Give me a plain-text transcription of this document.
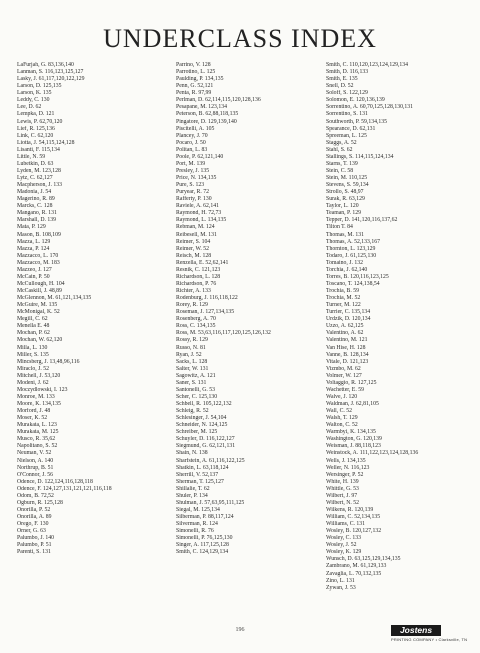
UNDERCLASS INDEX
LaFurjah, G. 83,136,140
Lanman, S. 116,123,125,127
Lasky, J. 61,117,120,122,129
Larson, D. 125,135
Larson, K. 135
Leddy, C. 130
Lee, D. 62
Lempka, D. 121
Lewis, P. 62,70,120
Lief, R. 125,136
Link, C. 62,120
Liotta, J. 54,115,124,128
Lisanti, F. 115,134
Little, N. 59
Lubetkin, D. 63
Lyden, M. 123,128
Lytz, C. 62,127
Macpherson, J. 133
Madonia, J. 54
Magerino, R. 89
Marcks, C. 128
Mangano, R. 131
Marshall, D. 139
Mata, P. 129
Mason, B. 108,109
Mazza, L. 129
Mazza, P. 124
Mazzacco, L. 170
Mazzacco, M. 183
Mazzeo, J. 127
McCain, P. 50
McCullough, H. 104
McCaskill, J. 48,89
McGlennon, M. 61,121,134,135
McGuire, M. 135
McMonigal, K. 52
Megill, C. 62
Menella E. 48
Mochan, P. 62
Mochan, W. 62,120
Milla, L. 130
Miller, S. 135
Mincsberg, J. 13,48,96,116
Miraclo, J. 52
Mitchell, J. 53,120
Modeni, J. 62
Moczydlowski, I. 123
Monroe, M. 133
Moore, K. 134,135
Morford, J. 48
Moser, K. 52
Murakata, L. 123
Murakata, M. 125
Musco, R. 35,62
Napolitano, S. 52
Neuman, V. 52
Nielson, A. 140
Northrup, B. 51
O'Connor, J. 56
Odence, D. 122,124,116,128,118
Odence, F. 124,127,131,121,121,116,118
Odom, B. 72,52
Ogburn, R. 125,128
Onorilla, P. 52
Onorilla, A. 89
Orego, F. 130
Orner, G. 63
Palumbo, J. 140
Palumbo, P. 51
Parenti, S. 131
Parrino, V. 128
Parrotino, L. 125
Paulding, P. 134,135
Penn, G. 52,121
Penta, R. 97,99
Perlman, D. 62,114,115,120,128,136
Pesapane, M. 123,134
Peterson, B. 62,88,118,135
Pingatore, D. 129,139,140
Piscitelli, A. 105
Plancey, J. 70
Pocaro, J. 50
Politan, L. 83
Poole, P. 62,121,140
Port, M. 139
Presley, J. 135
Price, N. 134,135
Pure, S. 123
Puryear, R. 72
Rafferty, P. 130
Raviele, A. 62,141
Raymond, H. 72,73
Raymond, L. 134,135
Rebman, M. 124
Reibesell, M. 131
Reimer, S. 104
Reimer, W. 52
Reisch, M. 128
Renzella, E. 52,62,141
Resnik, C. 121,123
Richardson, L. 128
Richardson, P. 76
Richter, A. 133
Rodenburg, J. 116,118,122
Rorey, R. 129
Roseman, J. 127,134,135
Rosenberg, A. 70
Ross, C. 134,135
Ross, M. 53,63,116,117,120,125,126,132
Rossy, R. 129
Russo, N. 81
Ryan, J. 52
Sacks, L. 128
Salter, W. 131
Sagowitz, A. 121
Saner, S. 131
Santonelli, G. 53
Scher, C. 125,130
Schbell, R. 105,122,132
Schleig, R. 52
Schlesinger, J. 54,104
Schneider, N. 124,125
Schreiber, M. 125
Schuyler, D. 116,122,127
Siegmund, G. 62,121,131
Shain, N. 138
Sharfstein, A. 61,116,122,125
Shatkin, L. 63,118,124
Sherrill, V. 52,137
Sherman, T. 125,127
Shillalie, T. 62
Shuler, P. 134
Shulman, J. 57,63,95,111,125
Siegal, M. 125,134
Silberman, P. 88,117,124
Silverman, R. 124
Simonelli, R. 76
Simonelli, P. 76,125,130
Singer, A. 117,125,128
Smith, C. 124,129,134
Smith, C. 110,120,123,124,129,134
Smith, D. 116,133
Smith, E. 135
Snell, D. 52
Soloff, S. 122,129
Solomon, E. 120,136,139
Sorrentino, A. 60,70,125,128,130,131
Sorrentino, S. 131
Southworth, P. 59,134,135
Spearance, D. 62,131
Spreeman, L. 125
Staggs, A. 52
Stahl, S. 62
Stallings, S. 114,115,124,134
Starns, T. 139
Stein, C. 58
Stein, M. 110,125
Stevens, S. 59,134
Strollo, S. 48,97
Surak, R. 63,129
Taylor, L. 120
Teaman, P. 129
Tepper, D. 141,120,116,137,62
Tilton T. 84
Thomas, M. 131
Thomas, A. 52,133,167
Thornton, L. 123,129
Todaro, J. 61,125,130
Tomaino, J. 132
Torchia, J. 62,140
Torres, B. 120,116,123,125
Toscano, T. 124,138,54
Trochia, B. 59
Trochia, M. 52
Turner, M. 122
Turrier, C. 135,134
Urdzik, D. 120,134
Uzzo, A. 62,125
Valentino, A. 62
Valentino, M. 121
Van Hise, H. 128
Vanne, B. 128,134
Vitale, D. 121,123
Vizmbo, M. 62
Volmer, W. 127
Voltaggio, R. 127,125
Wachetter, E. 59
Walve, J. 120
Waldman, J. 62,81,105
Wall, C. 52
Walsh, T. 129
Walton, C. 52
Warmbyi, K. 134,135
Washington, G. 120,139
Weisman, J. 88,118,123
Weinstock, A. 111,122,123,124,128,136
Wells, J. 134,135
Weller, N. 116,123
Wersinger, P. 52
White, H. 139
Whittle, G. 53
Wilbert, J. 97
Wilbert, N. 52
Wilkens, R. 120,139
William, C. 52,134,135
Williams, C. 131
Wosley, B. 120,127,132
Wosley, C. 133
Wosley, J. 52
Wosley, K. 129
Wunsch, D. 63,125,129,134,135
Zambrano, M. 61,129,133
Zavaglia, L. 70,132,135
Zino, L. 131
Zywan, J. 53
196	Jostens
PRINTING COMPANY • Clarksville, TN
